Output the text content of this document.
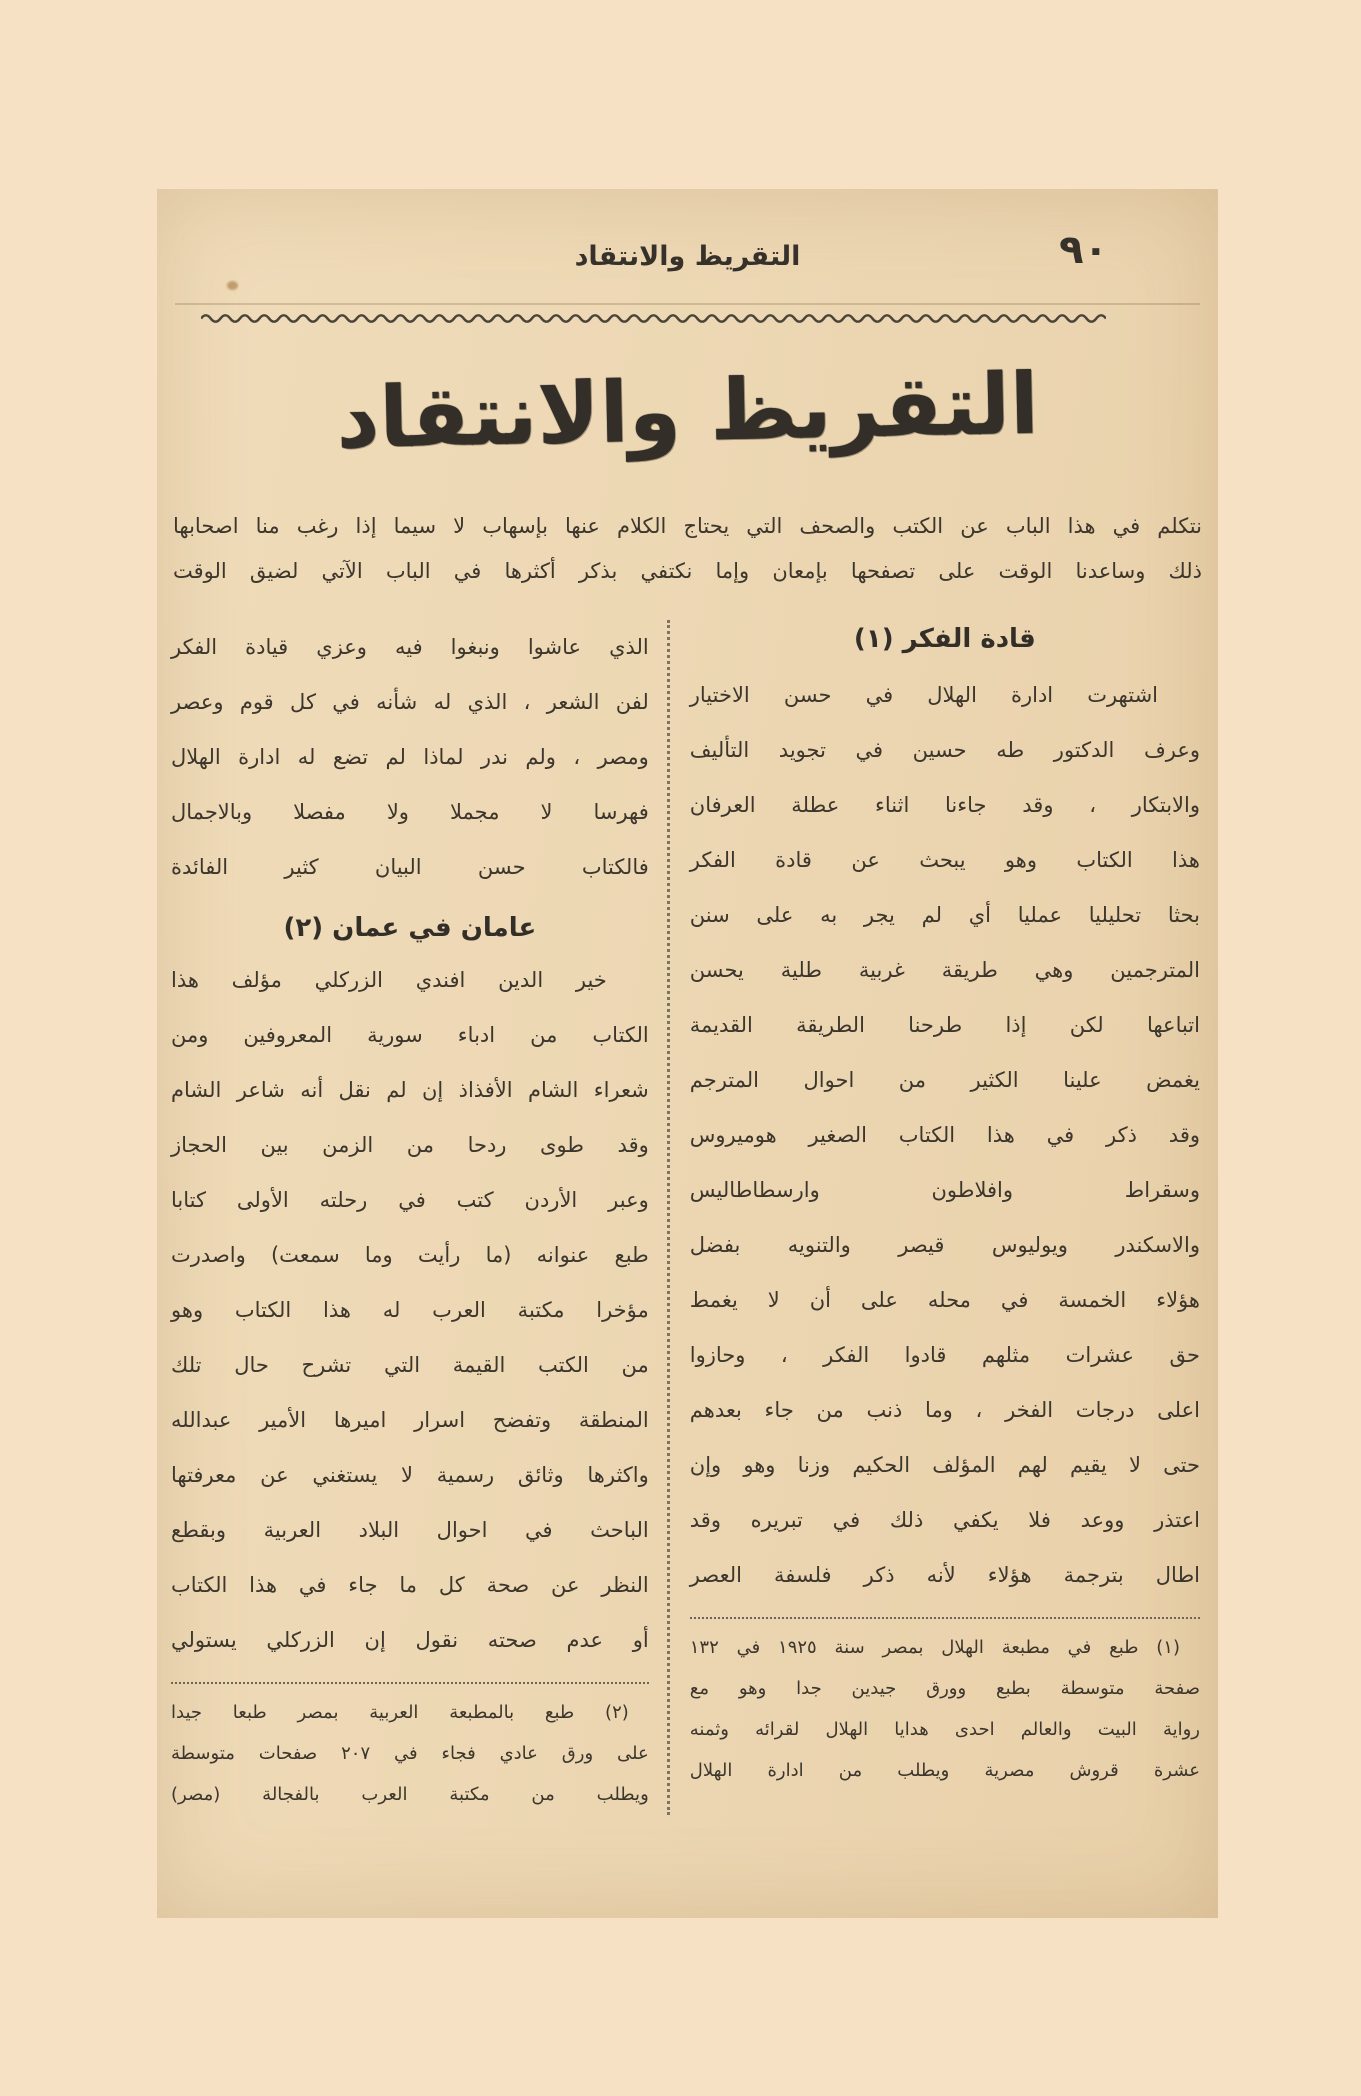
٩٠
التقريظ والانتقاد
التقريظ والانتقاد
نتكلم في هذا الباب عن الكتب والصحف التي يحتاج الكلام عنها بإسهاب لا سيما إذا رغب منا اصحابها
ذلك وساعدنا الوقت على تصفحها بإمعان وإما نكتفي بذكر أكثرها في الباب الآتي لضيق الوقت
قادة الفكر (١)
اشتهرت ادارة الهلال في حسن الاختيار
وعرف الدكتور طه حسين في تجويد التأليف
والابتكار ، وقد جاءنا اثناء عطلة العرفان
هذا الكتاب وهو يبحث عن قادة الفكر
بحثا تحليليا عمليا أي لم يجر به على سنن
المترجمين وهي طريقة غربية طلية يحسن
اتباعها لكن إذا طرحنا الطريقة القديمة
يغمض علينا الكثير من احوال المترجم
وقد ذكر في هذا الكتاب الصغير هوميروس
وسقراط وافلاطون وارسطاطاليس
والاسكندر ويوليوس قيصر والتنويه بفضل
هؤلاء الخمسة في محله على أن لا يغمط
حق عشرات مثلهم قادوا الفكر ، وحازوا
اعلى درجات الفخر ، وما ذنب من جاء بعدهم
حتى لا يقيم لهم المؤلف الحكيم وزنا وهو وإن
اعتذر ووعد فلا يكفي ذلك في تبريره وقد
اطال بترجمة هؤلاء لأنه ذكر فلسفة العصر
(١) طبع في مطبعة الهلال بمصر سنة ١٩٢٥ في ١٣٢
صفحة متوسطة بطبع وورق جيدين جدا وهو مع
رواية البيت والعالم احدى هدايا الهلال لقرائه وثمنه
عشرة قروش مصرية ويطلب من ادارة الهلال
الذي عاشوا ونبغوا فيه وعزي قيادة الفكر
لفن الشعر ، الذي له شأنه في كل قوم وعصر
ومصر ، ولم ندر لماذا لم تضع له ادارة الهلال
فهرسا لا مجملا ولا مفصلا وبالاجمال
فالكتاب حسن البيان كثير الفائدة
عامان في عمان (٢)
خير الدين افندي الزركلي مؤلف هذا
الكتاب من ادباء سورية المعروفين ومن
شعراء الشام الأفذاذ إن لم نقل أنه شاعر الشام
وقد طوى ردحا من الزمن بين الحجاز
وعبر الأردن كتب في رحلته الأولى كتابا
طبع عنوانه (ما رأيت وما سمعت) واصدرت
مؤخرا مكتبة العرب له هذا الكتاب وهو
من الكتب القيمة التي تشرح حال تلك
المنطقة وتفضح اسرار اميرها الأمير عبدالله
واكثرها وثائق رسمية لا يستغني عن معرفتها
الباحث في احوال البلاد العربية وبقطع
النظر عن صحة كل ما جاء في هذا الكتاب
أو عدم صحته نقول إن الزركلي يستولي
(٢) طبع بالمطبعة العربية بمصر طبعا جيدا
على ورق عادي فجاء في ٢٠٧ صفحات متوسطة
ويطلب من مكتبة العرب بالفجالة (مصر)
